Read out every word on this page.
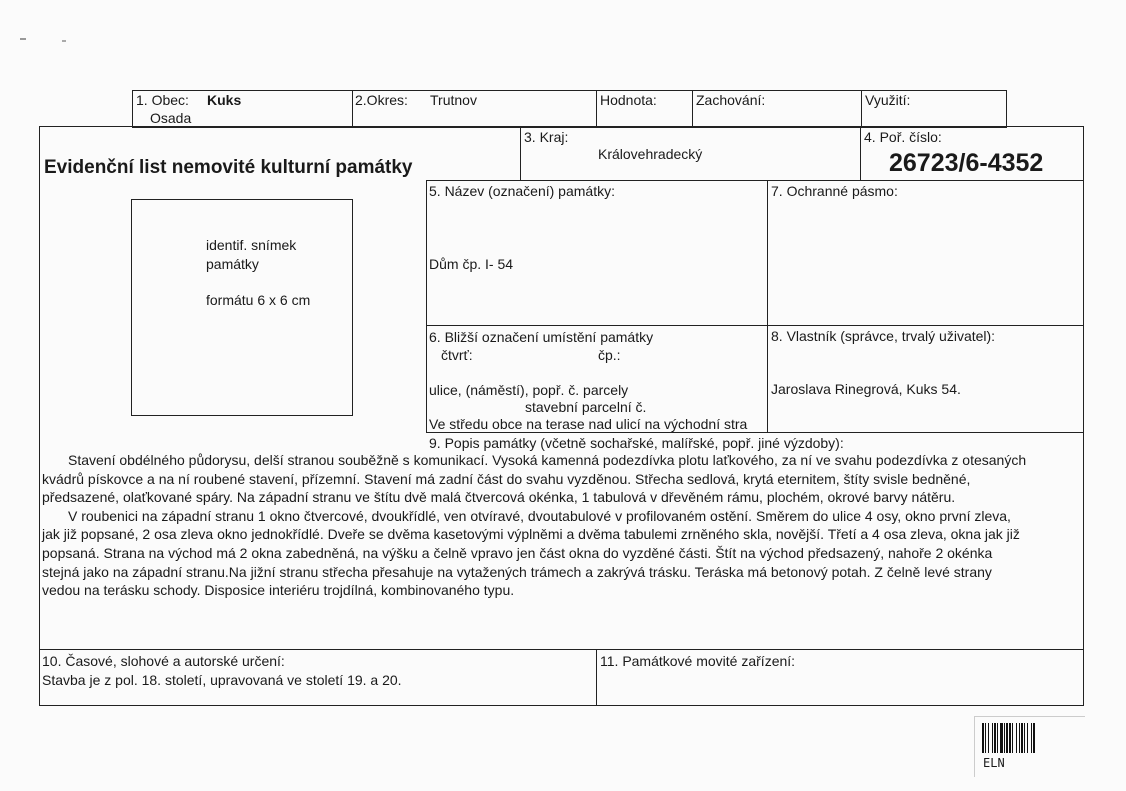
1. Obec: Kuks
Osada
2.Okres: Trutnov	Hodnota:	Zachování:	Využití:
Evidenční list nemovité kulturní památky
3. Kraj:
Královehradecký
4. Poř. číslo:
26723/6-4352
identif. snímek
památky
formátu 6 x 6 cm
5. Název (označení) památky:
Dům čp. I- 54
7. Ochranné pásmo:
6. Bližší označení umístění památky
čtvrť:	čp.:
ulice, (náměstí), popř. č. parcely
stavební parcelní č.
Ve středu obce na terase nad ulicí na východní stra
8. Vlastník (správce, trvalý uživatel):
Jaroslava Rinegrová, Kuks 54.
9. Popis památky (včetně sochařské, malířské, popř. jiné výzdoby):

Stavení obdélného půdorysu, delší stranou souběžně s komunikací. Vysoká kamenná podezdívka plotu laťkového, za ní ve svahu podezdívka z otesaných

kvádrů pískovce a na ní roubené stavení, přízemní. Stavení má zadní část do svahu vyzděnou. Střecha sedlová, krytá eternitem, štíty svisle bedněné,

předsazené, olaťkované spáry. Na západní stranu ve štítu dvě malá čtvercová okénka, 1 tabulová v dřevěném rámu, plochém, okrové barvy nátěru.

V roubenici na západní stranu 1 okno čtvercové, dvoukřídlé, ven otvíravé, dvoutabulové v profilovaném ostění. Směrem do ulice 4 osy, okno první zleva,

jak již popsané, 2 osa zleva okno jednokřídlé. Dveře se dvěma kasetovými výplněmi a dvěma tabulemi zrněného skla, novější. Třetí a 4 osa zleva, okna jak již

popsaná. Strana na východ má 2 okna zabedněná, na výšku a čelně vpravo jen část okna do vyzděné části. Štít na východ předsazený, nahoře 2 okénka

stejná jako na západní stranu.Na jižní stranu střecha přesahuje na vytažených trámech a zakrývá trásku. Teráska má betonový potah. Z čelně levé strany

vedou na terásku schody. Disposice interiéru trojdílná, kombinovaného typu.

10. Časové, slohové a autorské určení:
Stavba je z pol. 18. století, upravovaná ve století 19. a 20.
11. Památkové movité zařízení:
ELN
